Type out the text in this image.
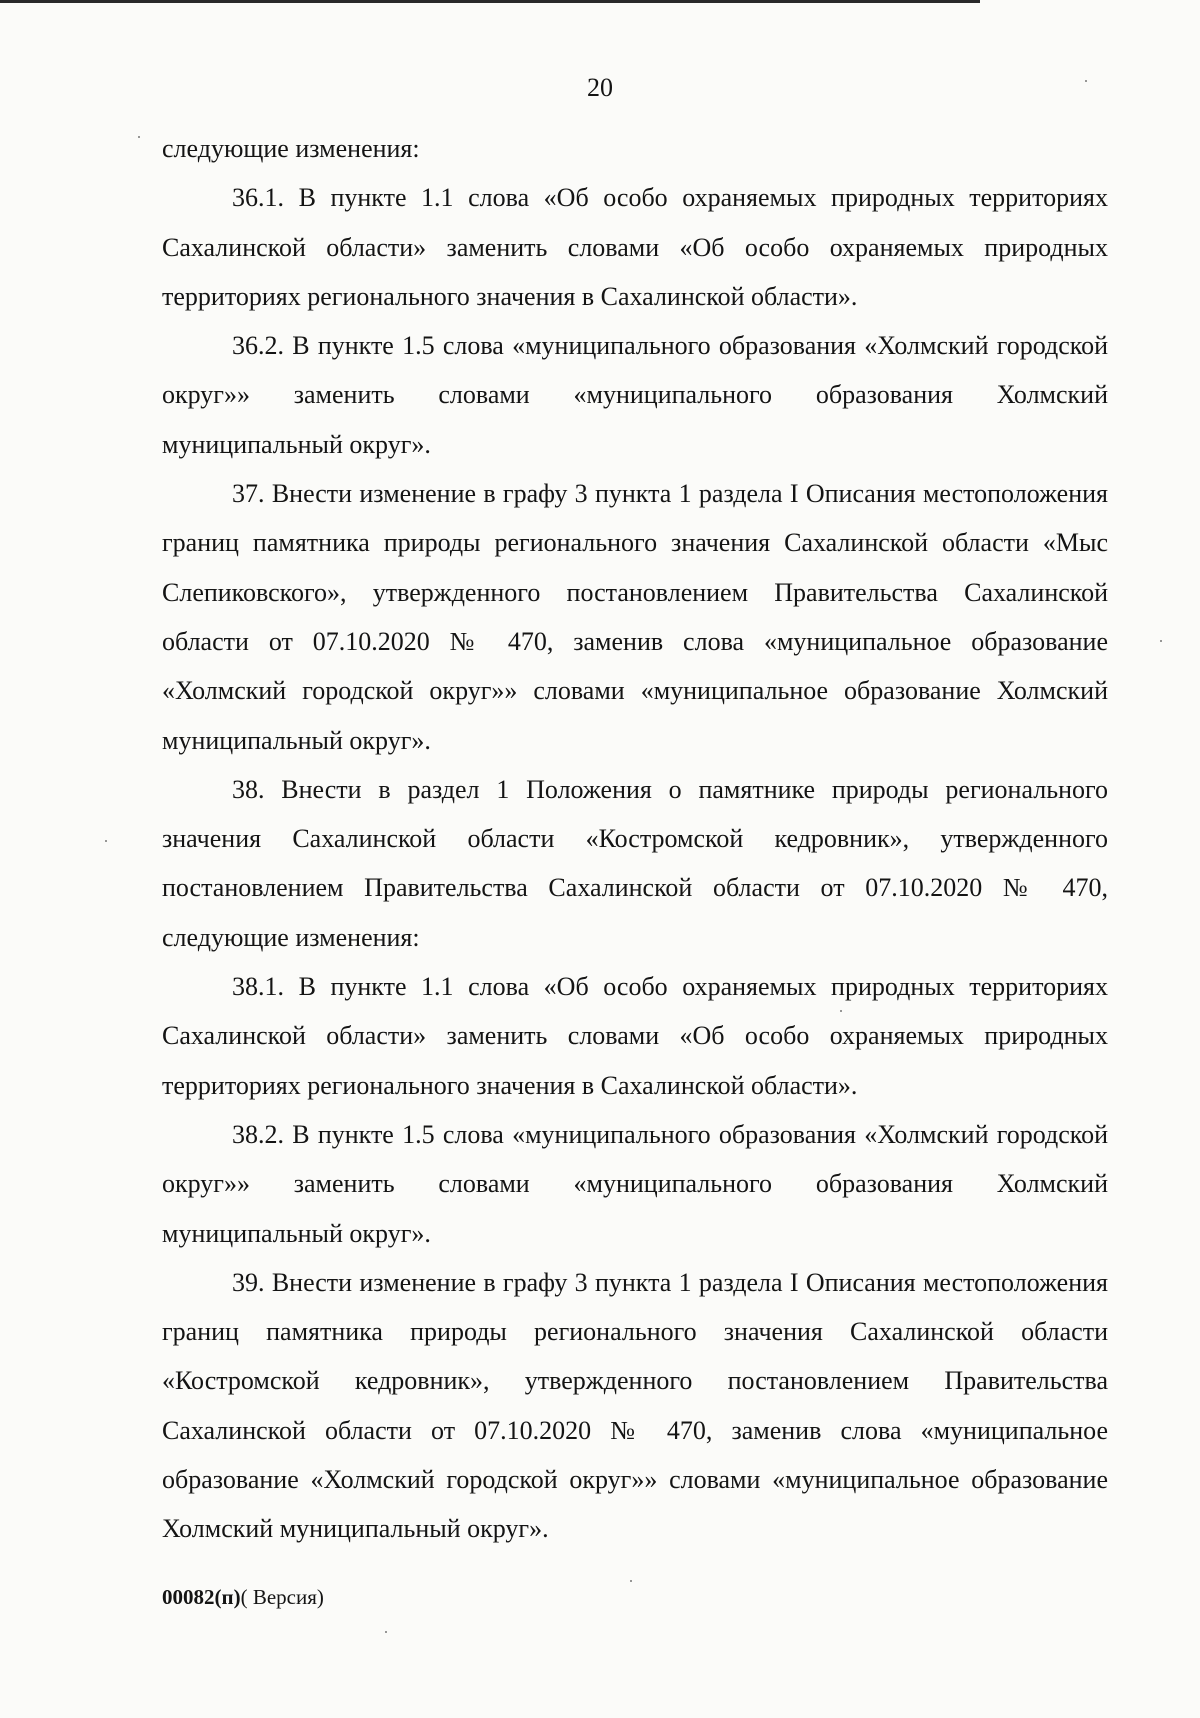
20

следующие изменения:

36.1. В пункте 1.1 слова «Об особо охраняемых природных территориях Сахалинской области» заменить словами «Об особо охраняемых природных территориях регионального значения в Сахалинской области».

36.2. В пункте 1.5 слова «муниципального образования «Холмский городской округ»» заменить словами «муниципального образования Холмский муниципальный округ».

37. Внести изменение в графу 3 пункта 1 раздела I Описания местоположения границ памятника природы регионального значения Сахалинской области «Мыс Слепиковского», утвержденного постановлением Правительства Сахалинской области от 07.10.2020 № 470, заменив слова «муниципальное образование «Холмский городской округ»» словами «муниципальное образование Холмский муниципальный округ».

38. Внести в раздел 1 Положения о памятнике природы регионального значения Сахалинской области «Костромской кедровник», утвержденного постановлением Правительства Сахалинской области от 07.10.2020 № 470, следующие изменения:

38.1. В пункте 1.1 слова «Об особо охраняемых природных территориях Сахалинской области» заменить словами «Об особо охраняемых природных территориях регионального значения в Сахалинской области».

38.2. В пункте 1.5 слова «муниципального образования «Холмский городской округ»» заменить словами «муниципального образования Холмский муниципальный округ».

39. Внести изменение в графу 3 пункта 1 раздела I Описания местоположения границ памятника природы регионального значения Сахалинской области «Костромской кедровник», утвержденного постановлением Правительства Сахалинской области от 07.10.2020 № 470, заменив слова «муниципальное образование «Холмский городской округ»» словами «муниципальное образование Холмский муниципальный округ».

00082(п)( Версия)
